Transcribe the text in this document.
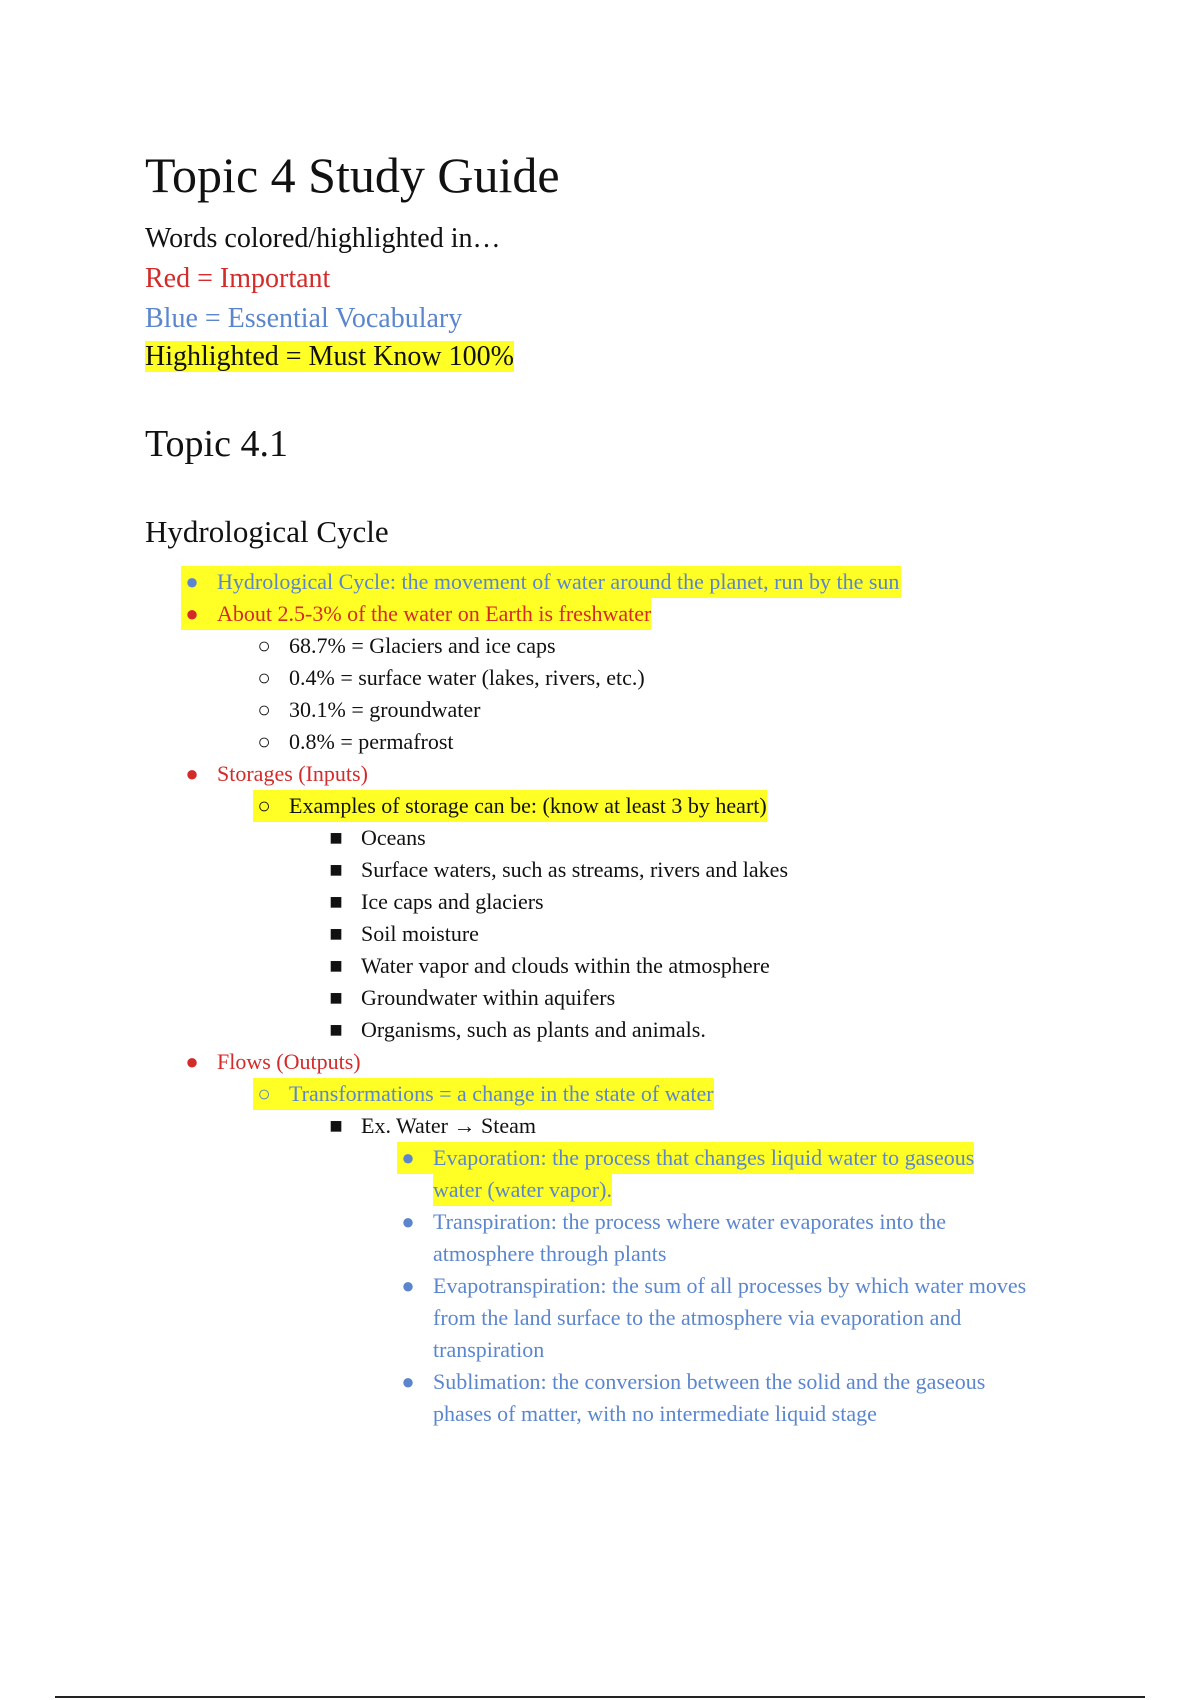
Topic 4 Study Guide
Words colored/highlighted in…
Red = Important
Blue = Essential Vocabulary
Highlighted = Must Know 100%
Topic 4.1
Hydrological Cycle
● Hydrological Cycle: the movement of water around the planet, run by the sun
● About 2.5-3% of the water on Earth is freshwater
○ 68.7% = Glaciers and ice caps
○ 0.4% = surface water (lakes, rivers, etc.)
○ 30.1% = groundwater
○ 0.8% = permafrost
● Storages (Inputs)
○ Examples of storage can be: (know at least 3 by heart)
■ Oceans
■ Surface waters, such as streams, rivers and lakes
■ Ice caps and glaciers
■ Soil moisture
■ Water vapor and clouds within the atmosphere
■ Groundwater within aquifers
■ Organisms, such as plants and animals.
● Flows (Outputs)
○ Transformations = a change in the state of water
■ Ex. Water → Steam
● Evaporation: the process that changes liquid water to gaseous
water (water vapor).
● Transpiration: the process where water evaporates into the
atmosphere through plants
● Evapotranspiration: the sum of all processes by which water moves
from the land surface to the atmosphere via evaporation and
transpiration
● Sublimation: the conversion between the solid and the gaseous
phases of matter, with no intermediate liquid stage
